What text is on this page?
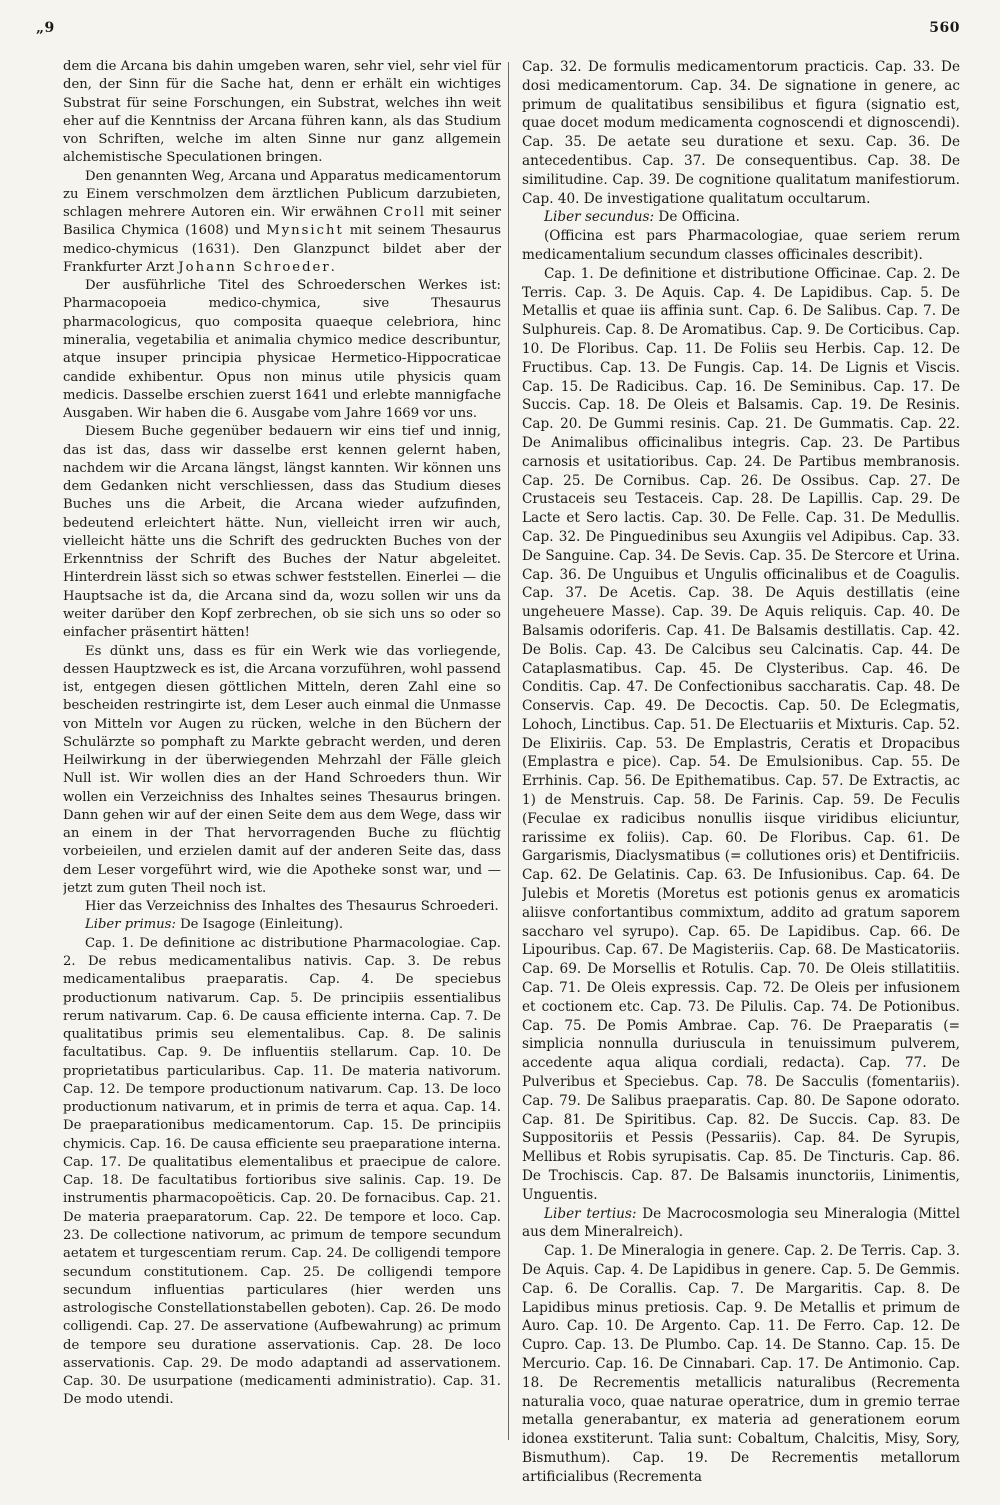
„9	560

dem die Arcana bis dahin umgeben waren, sehr viel, sehr viel für den, der Sinn für die Sache hat, denn er erhält ein wichtiges Substrat für seine Forschungen, ein Substrat, welches ihn weit eher auf die Kenntniss der Arcana führen kann, als das Studium von Schriften, welche im alten Sinne nur ganz allgemein alchemistische Speculationen bringen.

Den genannten Weg, Arcana und Apparatus medicamentorum zu Einem verschmolzen dem ärztlichen Publicum darzubieten, schlagen mehrere Autoren ein. Wir erwähnen Croll mit seiner Basilica Chymica (1608) und Mynsicht mit seinem Thesaurus medico-chymicus (1631). Den Glanzpunct bildet aber der Frankfurter Arzt Johann Schroeder.

Der ausführliche Titel des Schroederschen Werkes ist: Pharmacopoeia medico-chymica, sive Thesaurus pharmacologicus, quo composita quaeque celebriora, hinc mineralia, vegetabilia et animalia chymico medice describuntur, atque insuper principia physicae Hermetico-Hippocraticae candide exhibentur. Opus non minus utile physicis quam medicis. Dasselbe erschien zuerst 1641 und erlebte mannigfache Ausgaben. Wir haben die 6. Ausgabe vom Jahre 1669 vor uns.

Diesem Buche gegenüber bedauern wir eins tief und innig, das ist das, dass wir dasselbe erst kennen gelernt haben, nachdem wir die Arcana längst, längst kannten. Wir können uns dem Gedanken nicht verschliessen, dass das Studium dieses Buches uns die Arbeit, die Arcana wieder aufzufinden, bedeutend erleichtert hätte. Nun, vielleicht irren wir auch, vielleicht hätte uns die Schrift des gedruckten Buches von der Erkenntniss der Schrift des Buches der Natur abgeleitet. Hinterdrein lässt sich so etwas schwer feststellen. Einerlei — die Hauptsache ist da, die Arcana sind da, wozu sollen wir uns da weiter darüber den Kopf zerbrechen, ob sie sich uns so oder so einfacher präsentirt hätten!

Es dünkt uns, dass es für ein Werk wie das vorliegende, dessen Hauptzweck es ist, die Arcana vorzuführen, wohl passend ist, entgegen diesen göttlichen Mitteln, deren Zahl eine so bescheiden restringirte ist, dem Leser auch einmal die Unmasse von Mitteln vor Augen zu rücken, welche in den Büchern der Schulärzte so pomphaft zu Markte gebracht werden, und deren Heilwirkung in der überwiegenden Mehrzahl der Fälle gleich Null ist. Wir wollen dies an der Hand Schroeders thun. Wir wollen ein Verzeichniss des Inhaltes seines Thesaurus bringen. Dann gehen wir auf der einen Seite dem aus dem Wege, dass wir an einem in der That hervorragenden Buche zu flüchtig vorbeieilen, und erzielen damit auf der anderen Seite das, dass dem Leser vorgeführt wird, wie die Apotheke sonst war, und — jetzt zum guten Theil noch ist.

Hier das Verzeichniss des Inhaltes des Thesaurus Schroederi.

Liber primus: De Isagoge (Einleitung).

Cap. 1. De definitione ac distributione Pharmacologiae. Cap. 2. De rebus medicamentalibus nativis. Cap. 3. De rebus medicamentalibus praeparatis. Cap. 4. De speciebus productionum nativarum. Cap. 5. De principiis essentialibus rerum nativarum. Cap. 6. De causa efficiente interna. Cap. 7. De qualitatibus primis seu elementalibus. Cap. 8. De salinis facultatibus. Cap. 9. De influentiis stellarum. Cap. 10. De proprietatibus particularibus. Cap. 11. De materia nativorum. Cap. 12. De tempore productionum nativarum. Cap. 13. De loco productionum nativarum, et in primis de terra et aqua. Cap. 14. De praeparationibus medicamentorum. Cap. 15. De principiis chymicis. Cap. 16. De causa efficiente seu praeparatione interna. Cap. 17. De qualitatibus elementalibus et praecipue de calore. Cap. 18. De facultatibus fortioribus sive salinis. Cap. 19. De instrumentis pharmacopoëticis. Cap. 20. De fornacibus. Cap. 21. De materia praeparatorum. Cap. 22. De tempore et loco. Cap. 23. De collectione nativorum, ac primum de tempore secundum aetatem et turgescentiam rerum. Cap. 24. De colligendi tempore secundum constitutionem. Cap. 25. De colligendi tempore secundum influentias particulares (hier werden uns astrologische Constellationstabellen geboten). Cap. 26. De modo colligendi. Cap. 27. De asservatione (Aufbewahrung) ac primum de tempore seu duratione asservationis. Cap. 28. De loco asservationis. Cap. 29. De modo adaptandi ad asservationem. Cap. 30. De usurpatione (medicamenti administratio). Cap. 31. De modo utendi.

Cap. 32. De formulis medicamentorum practicis. Cap. 33. De dosi medicamentorum. Cap. 34. De signatione in genere, ac primum de qualitatibus sensibilibus et figura (signatio est, quae docet modum medicamenta cognoscendi et dignoscendi). Cap. 35. De aetate seu duratione et sexu. Cap. 36. De antecedentibus. Cap. 37. De consequentibus. Cap. 38. De similitudine. Cap. 39. De cognitione qualitatum manifestiorum. Cap. 40. De investigatione qualitatum occultarum.

Liber secundus: De Officina.

(Officina est pars Pharmacologiae, quae seriem rerum medicamentalium secundum classes officinales describit).

Cap. 1. De definitione et distributione Officinae. Cap. 2. De Terris. Cap. 3. De Aquis. Cap. 4. De Lapidibus. Cap. 5. De Metallis et quae iis affinia sunt. Cap. 6. De Salibus. Cap. 7. De Sulphureis. Cap. 8. De Aromatibus. Cap. 9. De Corticibus. Cap. 10. De Floribus. Cap. 11. De Foliis seu Herbis. Cap. 12. De Fructibus. Cap. 13. De Fungis. Cap. 14. De Lignis et Viscis. Cap. 15. De Radicibus. Cap. 16. De Seminibus. Cap. 17. De Succis. Cap. 18. De Oleis et Balsamis. Cap. 19. De Resinis. Cap. 20. De Gummi resinis. Cap. 21. De Gummatis. Cap. 22. De Animalibus officinalibus integris. Cap. 23. De Partibus carnosis et usitatioribus. Cap. 24. De Partibus membranosis. Cap. 25. De Cornibus. Cap. 26. De Ossibus. Cap. 27. De Crustaceis seu Testaceis. Cap. 28. De Lapillis. Cap. 29. De Lacte et Sero lactis. Cap. 30. De Felle. Cap. 31. De Medullis. Cap. 32. De Pinguedinibus seu Axungiis vel Adipibus. Cap. 33. De Sanguine. Cap. 34. De Sevis. Cap. 35. De Stercore et Urina. Cap. 36. De Unguibus et Ungulis officinalibus et de Coagulis. Cap. 37. De Acetis. Cap. 38. De Aquis destillatis (eine ungeheuere Masse). Cap. 39. De Aquis reliquis. Cap. 40. De Balsamis odoriferis. Cap. 41. De Balsamis destillatis. Cap. 42. De Bolis. Cap. 43. De Calcibus seu Calcinatis. Cap. 44. De Cataplasmatibus. Cap. 45. De Clysteribus. Cap. 46. De Conditis. Cap. 47. De Confectionibus saccharatis. Cap. 48. De Conservis. Cap. 49. De Decoctis. Cap. 50. De Eclegmatis, Lohoch, Linctibus. Cap. 51. De Electuariis et Mixturis. Cap. 52. De Elixiriis. Cap. 53. De Emplastris, Ceratis et Dropacibus (Emplastra e pice). Cap. 54. De Emulsionibus. Cap. 55. De Errhinis. Cap. 56. De Epithematibus. Cap. 57. De Extractis, ac 1) de Menstruis. Cap. 58. De Farinis. Cap. 59. De Feculis (Feculae ex radicibus nonullis iisque viridibus eliciuntur, rarissime ex foliis). Cap. 60. De Floribus. Cap. 61. De Gargarismis, Diaclysmatibus (= collutiones oris) et Dentifriciis. Cap. 62. De Gelatinis. Cap. 63. De Infusionibus. Cap. 64. De Julebis et Moretis (Moretus est potionis genus ex aromaticis aliisve confortantibus commixtum, addito ad gratum saporem saccharo vel syrupo). Cap. 65. De Lapidibus. Cap. 66. De Lipouribus. Cap. 67. De Magisteriis. Cap. 68. De Masticatoriis. Cap. 69. De Morsellis et Rotulis. Cap. 70. De Oleis stillatitiis. Cap. 71. De Oleis expressis. Cap. 72. De Oleis per infusionem et coctionem etc. Cap. 73. De Pilulis. Cap. 74. De Potionibus. Cap. 75. De Pomis Ambrae. Cap. 76. De Praeparatis (= simplicia nonnulla duriuscula in tenuissimum pulverem, accedente aqua aliqua cordiali, redacta). Cap. 77. De Pulveribus et Speciebus. Cap. 78. De Sacculis (fomentariis). Cap. 79. De Salibus praeparatis. Cap. 80. De Sapone odorato. Cap. 81. De Spiritibus. Cap. 82. De Succis. Cap. 83. De Suppositoriis et Pessis (Pessariis). Cap. 84. De Syrupis, Mellibus et Robis syrupisatis. Cap. 85. De Tincturis. Cap. 86. De Trochiscis. Cap. 87. De Balsamis inunctoriis, Linimentis, Unguentis.

Liber tertius: De Macrocosmologia seu Mineralogia (Mittel aus dem Mineralreich).

Cap. 1. De Mineralogia in genere. Cap. 2. De Terris. Cap. 3. De Aquis. Cap. 4. De Lapidibus in genere. Cap. 5. De Gemmis. Cap. 6. De Corallis. Cap. 7. De Margaritis. Cap. 8. De Lapidibus minus pretiosis. Cap. 9. De Metallis et primum de Auro. Cap. 10. De Argento. Cap. 11. De Ferro. Cap. 12. De Cupro. Cap. 13. De Plumbo. Cap. 14. De Stanno. Cap. 15. De Mercurio. Cap. 16. De Cinnabari. Cap. 17. De Antimonio. Cap. 18. De Recrementis metallicis naturalibus (Recrementa naturalia voco, quae naturae operatrice, dum in gremio terrae metalla generabantur, ex materia ad generationem eorum idonea exstiterunt. Talia sunt: Cobaltum, Chalcitis, Misy, Sory, Bismuthum). Cap. 19. De Recrementis metallorum artificialibus (Recrementa
